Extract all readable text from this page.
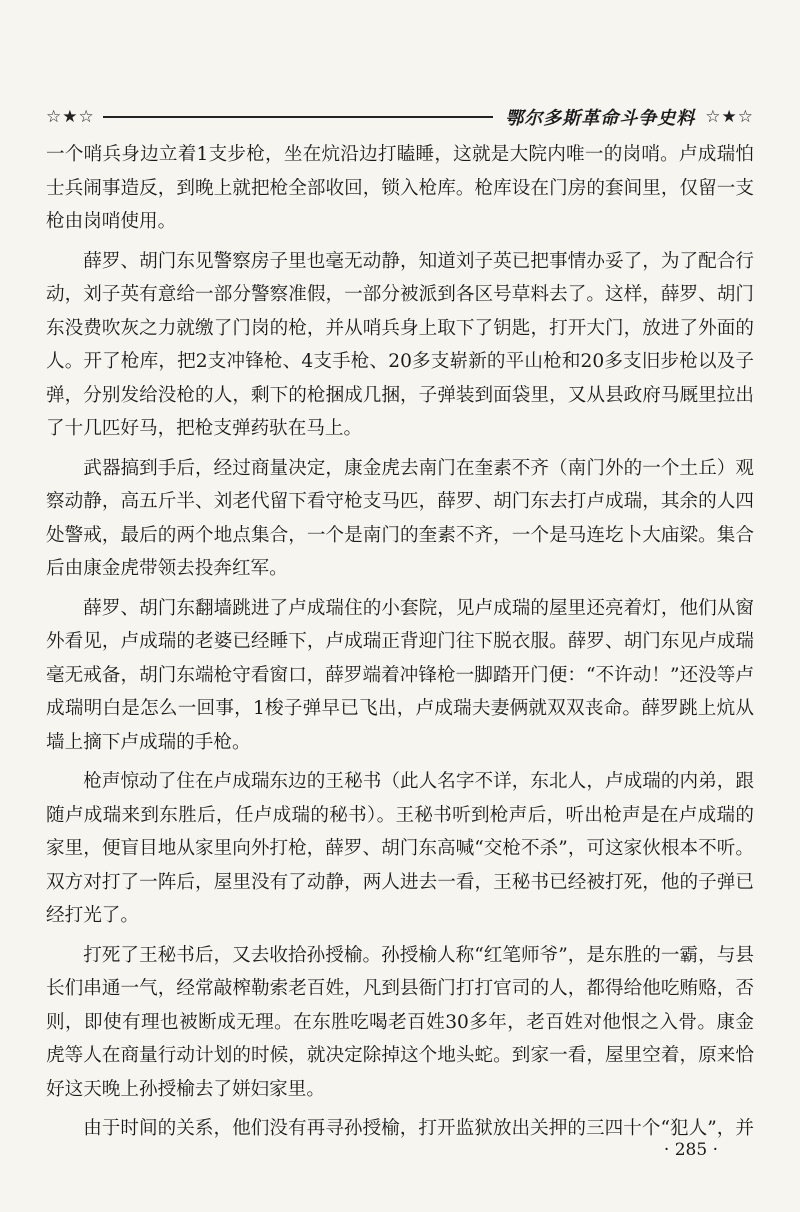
☆★☆	鄂尔多斯革命斗争史料 ☆★☆

一个哨兵身边立着1支步枪，坐在炕沿边打瞌睡，这就是大院内唯一的岗哨。卢成瑞怕士兵闹事造反，到晚上就把枪全部收回，锁入枪库。枪库设在门房的套间里，仅留一支枪由岗哨使用。

薛罗、胡门东见警察房子里也毫无动静，知道刘子英已把事情办妥了，为了配合行动，刘子英有意给一部分警察准假，一部分被派到各区号草料去了。这样，薛罗、胡门东没费吹灰之力就缴了门岗的枪，并从哨兵身上取下了钥匙，打开大门，放进了外面的人。开了枪库，把2支冲锋枪、4支手枪、20多支崭新的平山枪和20多支旧步枪以及子弹，分别发给没枪的人，剩下的枪捆成几捆，子弹装到面袋里，又从县政府马厩里拉出了十几匹好马，把枪支弹药驮在马上。

武器搞到手后，经过商量决定，康金虎去南门在奎素不齐（南门外的一个土丘）观察动静，高五斤半、刘老代留下看守枪支马匹，薛罗、胡门东去打卢成瑞，其余的人四处警戒，最后的两个地点集合，一个是南门的奎素不齐，一个是马连圪卜大庙梁。集合后由康金虎带领去投奔红军。

薛罗、胡门东翻墙跳进了卢成瑞住的小套院，见卢成瑞的屋里还亮着灯，他们从窗外看见，卢成瑞的老婆已经睡下，卢成瑞正背迎门往下脱衣服。薛罗、胡门东见卢成瑞毫无戒备，胡门东端枪守看窗口，薛罗端着冲锋枪一脚踏开门便：“不许动！”还没等卢成瑞明白是怎么一回事，1梭子弹早已飞出，卢成瑞夫妻俩就双双丧命。薛罗跳上炕从墙上摘下卢成瑞的手枪。

枪声惊动了住在卢成瑞东边的王秘书（此人名字不详，东北人，卢成瑞的内弟，跟随卢成瑞来到东胜后，任卢成瑞的秘书）。王秘书听到枪声后，听出枪声是在卢成瑞的家里，便盲目地从家里向外打枪，薛罗、胡门东高喊“交枪不杀”，可这家伙根本不听。双方对打了一阵后，屋里没有了动静，两人进去一看，王秘书已经被打死，他的子弹已经打光了。

打死了王秘书后，又去收拾孙授榆。孙授榆人称“红笔师爷”，是东胜的一霸，与县长们串通一气，经常敲榨勒索老百姓，凡到县衙门打打官司的人，都得给他吃贿赂，否则，即使有理也被断成无理。在东胜吃喝老百姓30多年，老百姓对他恨之入骨。康金虎等人在商量行动计划的时候，就决定除掉这个地头蛇。到家一看，屋里空着，原来恰好这天晚上孙授榆去了姘妇家里。

由于时间的关系，他们没有再寻孙授榆，打开监狱放出关押的三四十个“犯人”，并

· 285 ·
